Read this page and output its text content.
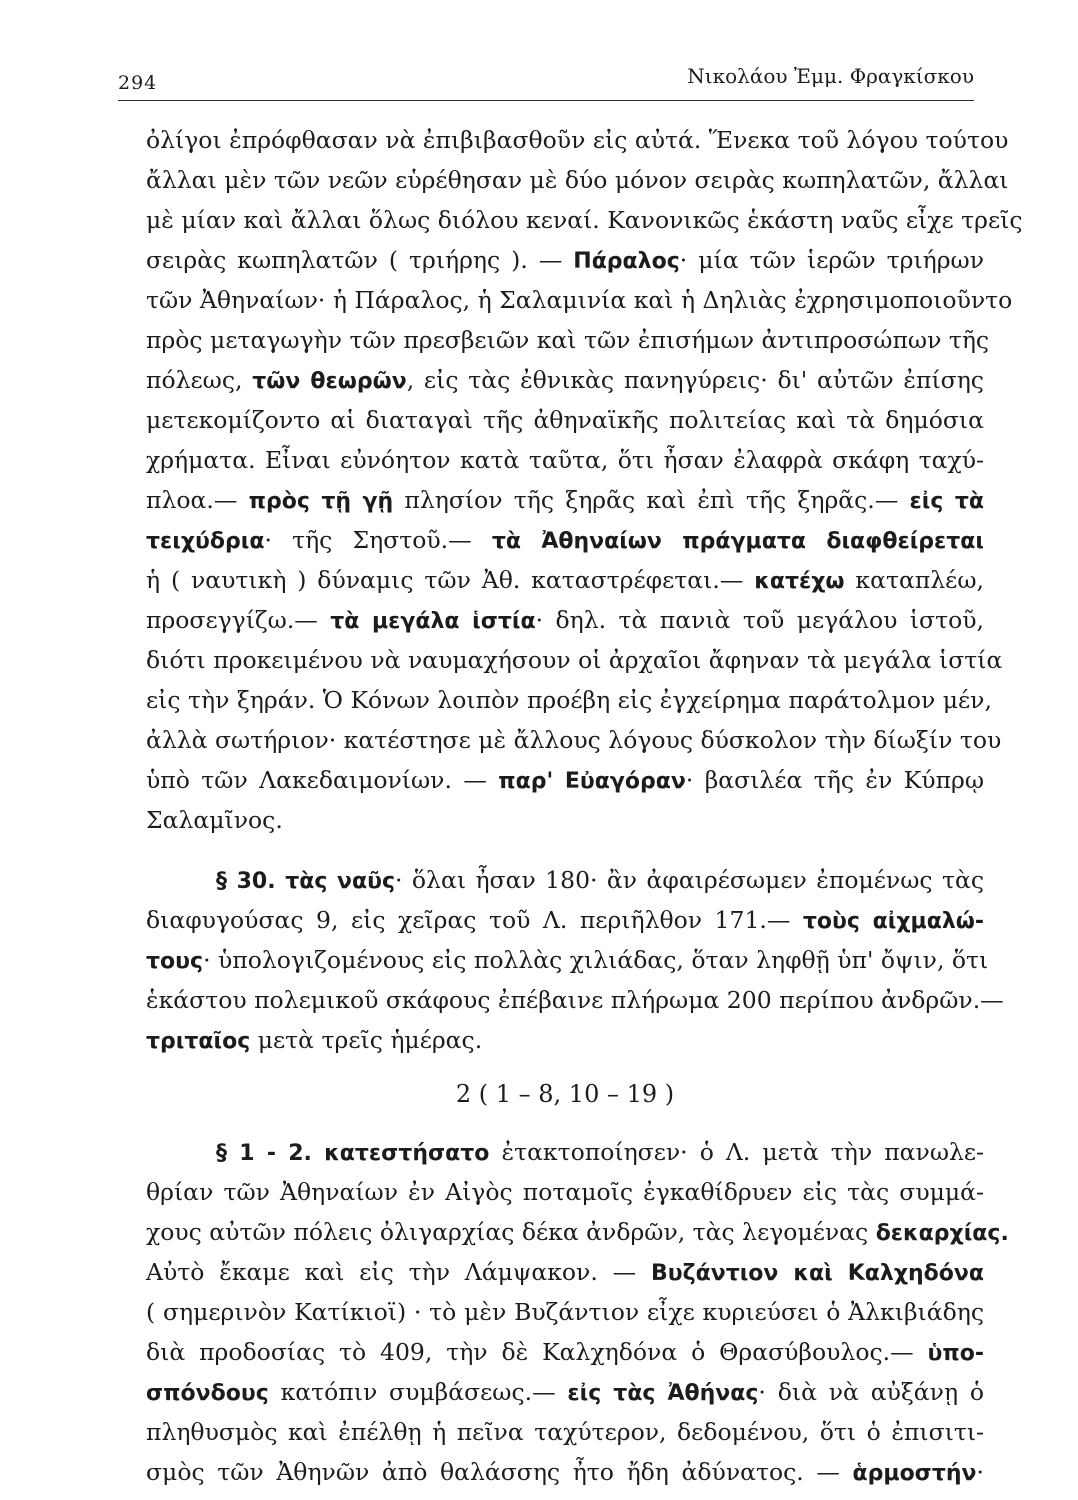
294	Νικολάου Ἐμμ. Φραγκίσκου
ὀλίγοι ἐπρόφθασαν νὰ ἐπιβιβασθοῦν εἰς αὐτά. Ἕνεκα τοῦ λόγου τούτου
ἄλλαι μὲν τῶν νεῶν εὑρέθησαν μὲ δύο μόνον σειρὰς κωπηλατῶν, ἄλλαι
μὲ μίαν καὶ ἄλλαι ὅλως διόλου κεναί. Κανονικῶς ἑκάστη ναῦς εἶχε τρεῖς
σειρὰς κωπηλατῶν ( τριήρης ). — Πάραλος· μία τῶν ἱερῶν τριήρων
τῶν Ἀθηναίων· ἡ Πάραλος, ἡ Σαλαμινία καὶ ἡ Δηλιὰς ἐχρησιμοποιοῦντο
πρὸς μεταγωγὴν τῶν πρεσβειῶν καὶ τῶν ἐπισήμων ἀντιπροσώπων τῆς
πόλεως, τῶν θεωρῶν, εἰς τὰς ἐθνικὰς πανηγύρεις· δι' αὐτῶν ἐπίσης
μετεκομίζοντο αἱ διαταγαὶ τῆς ἀθηναϊκῆς πολιτείας καὶ τὰ δημόσια
χρήματα. Εἶναι εὐνόητον κατὰ ταῦτα, ὅτι ἦσαν ἐλαφρὰ σκάφη ταχύ-
πλοα.— πρὸς τῇ γῇ πλησίον τῆς ξηρᾶς καὶ ἐπὶ τῆς ξηρᾶς.— εἰς τὰ
τειχύδρια· τῆς Σηστοῦ.— τὰ Ἀθηναίων πράγματα διαφθείρεται
ἡ ( ναυτικὴ ) δύναμις τῶν Ἀθ. καταστρέφεται.— κατέχω καταπλέω,
προσεγγίζω.— τὰ μεγάλα ἱστία· δηλ. τὰ πανιὰ τοῦ μεγάλου ἱστοῦ,
διότι προκειμένου νὰ ναυμαχήσουν οἱ ἀρχαῖοι ἄφηναν τὰ μεγάλα ἱστία
εἰς τὴν ξηράν. Ὁ Κόνων λοιπὸν προέβη εἰς ἐγχείρημα παράτολμον μέν,
ἀλλὰ σωτήριον· κατέστησε μὲ ἄλλους λόγους δύσκολον τὴν δίωξίν του
ὑπὸ τῶν Λακεδαιμονίων. — παρ' Εὐαγόραν· βασιλέα τῆς ἐν Κύπρῳ
Σαλαμῖνος.
§ 30. τὰς ναῦς· ὅλαι ἦσαν 180· ἂν ἀφαιρέσωμεν ἐπομένως τὰς
διαφυγούσας 9, εἰς χεῖρας τοῦ Λ. περιῆλθον 171.— τοὺς αἰχμαλώ-
τους· ὑπολογιζομένους εἰς πολλὰς χιλιάδας, ὅταν ληφθῇ ὑπ' ὄψιν, ὅτι
ἑκάστου πολεμικοῦ σκάφους ἐπέβαινε πλήρωμα 200 περίπου ἀνδρῶν.—
τριταῖος μετὰ τρεῖς ἡμέρας.
2 ( 1 – 8, 10 – 19 )
§ 1 - 2. κατεστήσατο ἐτακτοποίησεν· ὁ Λ. μετὰ τὴν πανωλε-
θρίαν τῶν Ἀθηναίων ἐν Αἰγὸς ποταμοῖς ἐγκαθίδρυεν εἰς τὰς συμμά-
χους αὐτῶν πόλεις ὀλιγαρχίας δέκα ἀνδρῶν, τὰς λεγομένας δεκαρχίας.
Αὐτὸ ἔκαμε καὶ εἰς τὴν Λάμψακον. — Βυζάντιον καὶ Καλχηδόνα
( σημερινὸν Κατίκιοϊ) · τὸ μὲν Βυζάντιον εἶχε κυριεύσει ὁ Ἀλκιβιάδης
διὰ προδοσίας τὸ 409, τὴν δὲ Καλχηδόνα ὁ Θρασύβουλος.— ὑπο-
σπόνδους κατόπιν συμβάσεως.— εἰς τὰς Ἀθήνας· διὰ νὰ αὐξάνῃ ὁ
πληθυσμὸς καὶ ἐπέλθῃ ἡ πεῖνα ταχύτερον, δεδομένου, ὅτι ὁ ἐπισιτι-
σμὸς τῶν Ἀθηνῶν ἀπὸ θαλάσσης ἦτο ἤδη ἀδύνατος. — ἁρμοστήν·
